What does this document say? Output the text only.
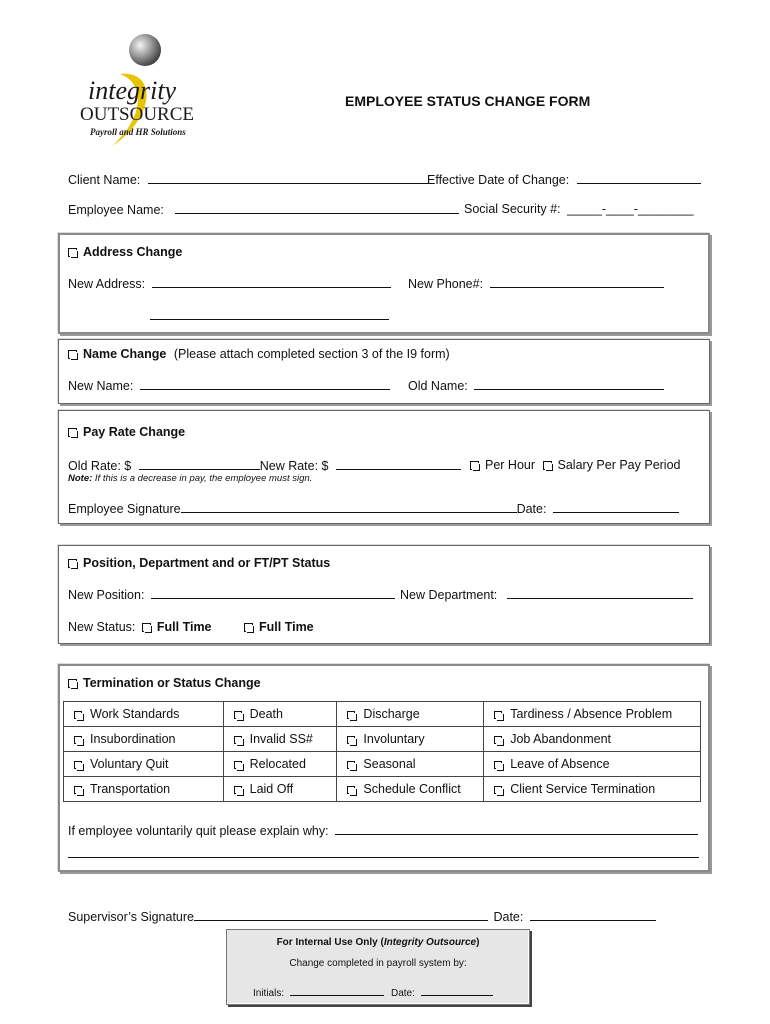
integrity
OUTSOURCE
Payroll and HR Solutions
EMPLOYEE STATUS CHANGE FORM
Client Name:	Effective Date of Change:
Employee Name:	Social Security #: _____-____-________
Address Change
New Address:	New Phone#:
Name Change (Please attach completed section 3 of the I9 form)
New Name:	Old Name:
Pay Rate Change
Old Rate: $	New Rate: $	Per Hour Salary Per Pay Period
Note: If this is a decrease in pay, the employee must sign.
Employee Signature	Date:
Position, Department and or FT/PT Status
New Position:	New Department:
New Status: Full Time	Full Time
Termination or Status Change
Work Standards	Death	Discharge	Tardiness / Absence Problem
Insubordination	Invalid SS#	Involuntary	Job Abandonment
Voluntary Quit	Relocated	Seasonal	Leave of Absence
Transportation	Laid Off	Schedule Conflict	Client Service Termination
If employee voluntarily quit please explain why:
Supervisor’s Signature	Date:
For Internal Use Only (Integrity Outsource)
Change completed in payroll system by:
Initials:	Date:
